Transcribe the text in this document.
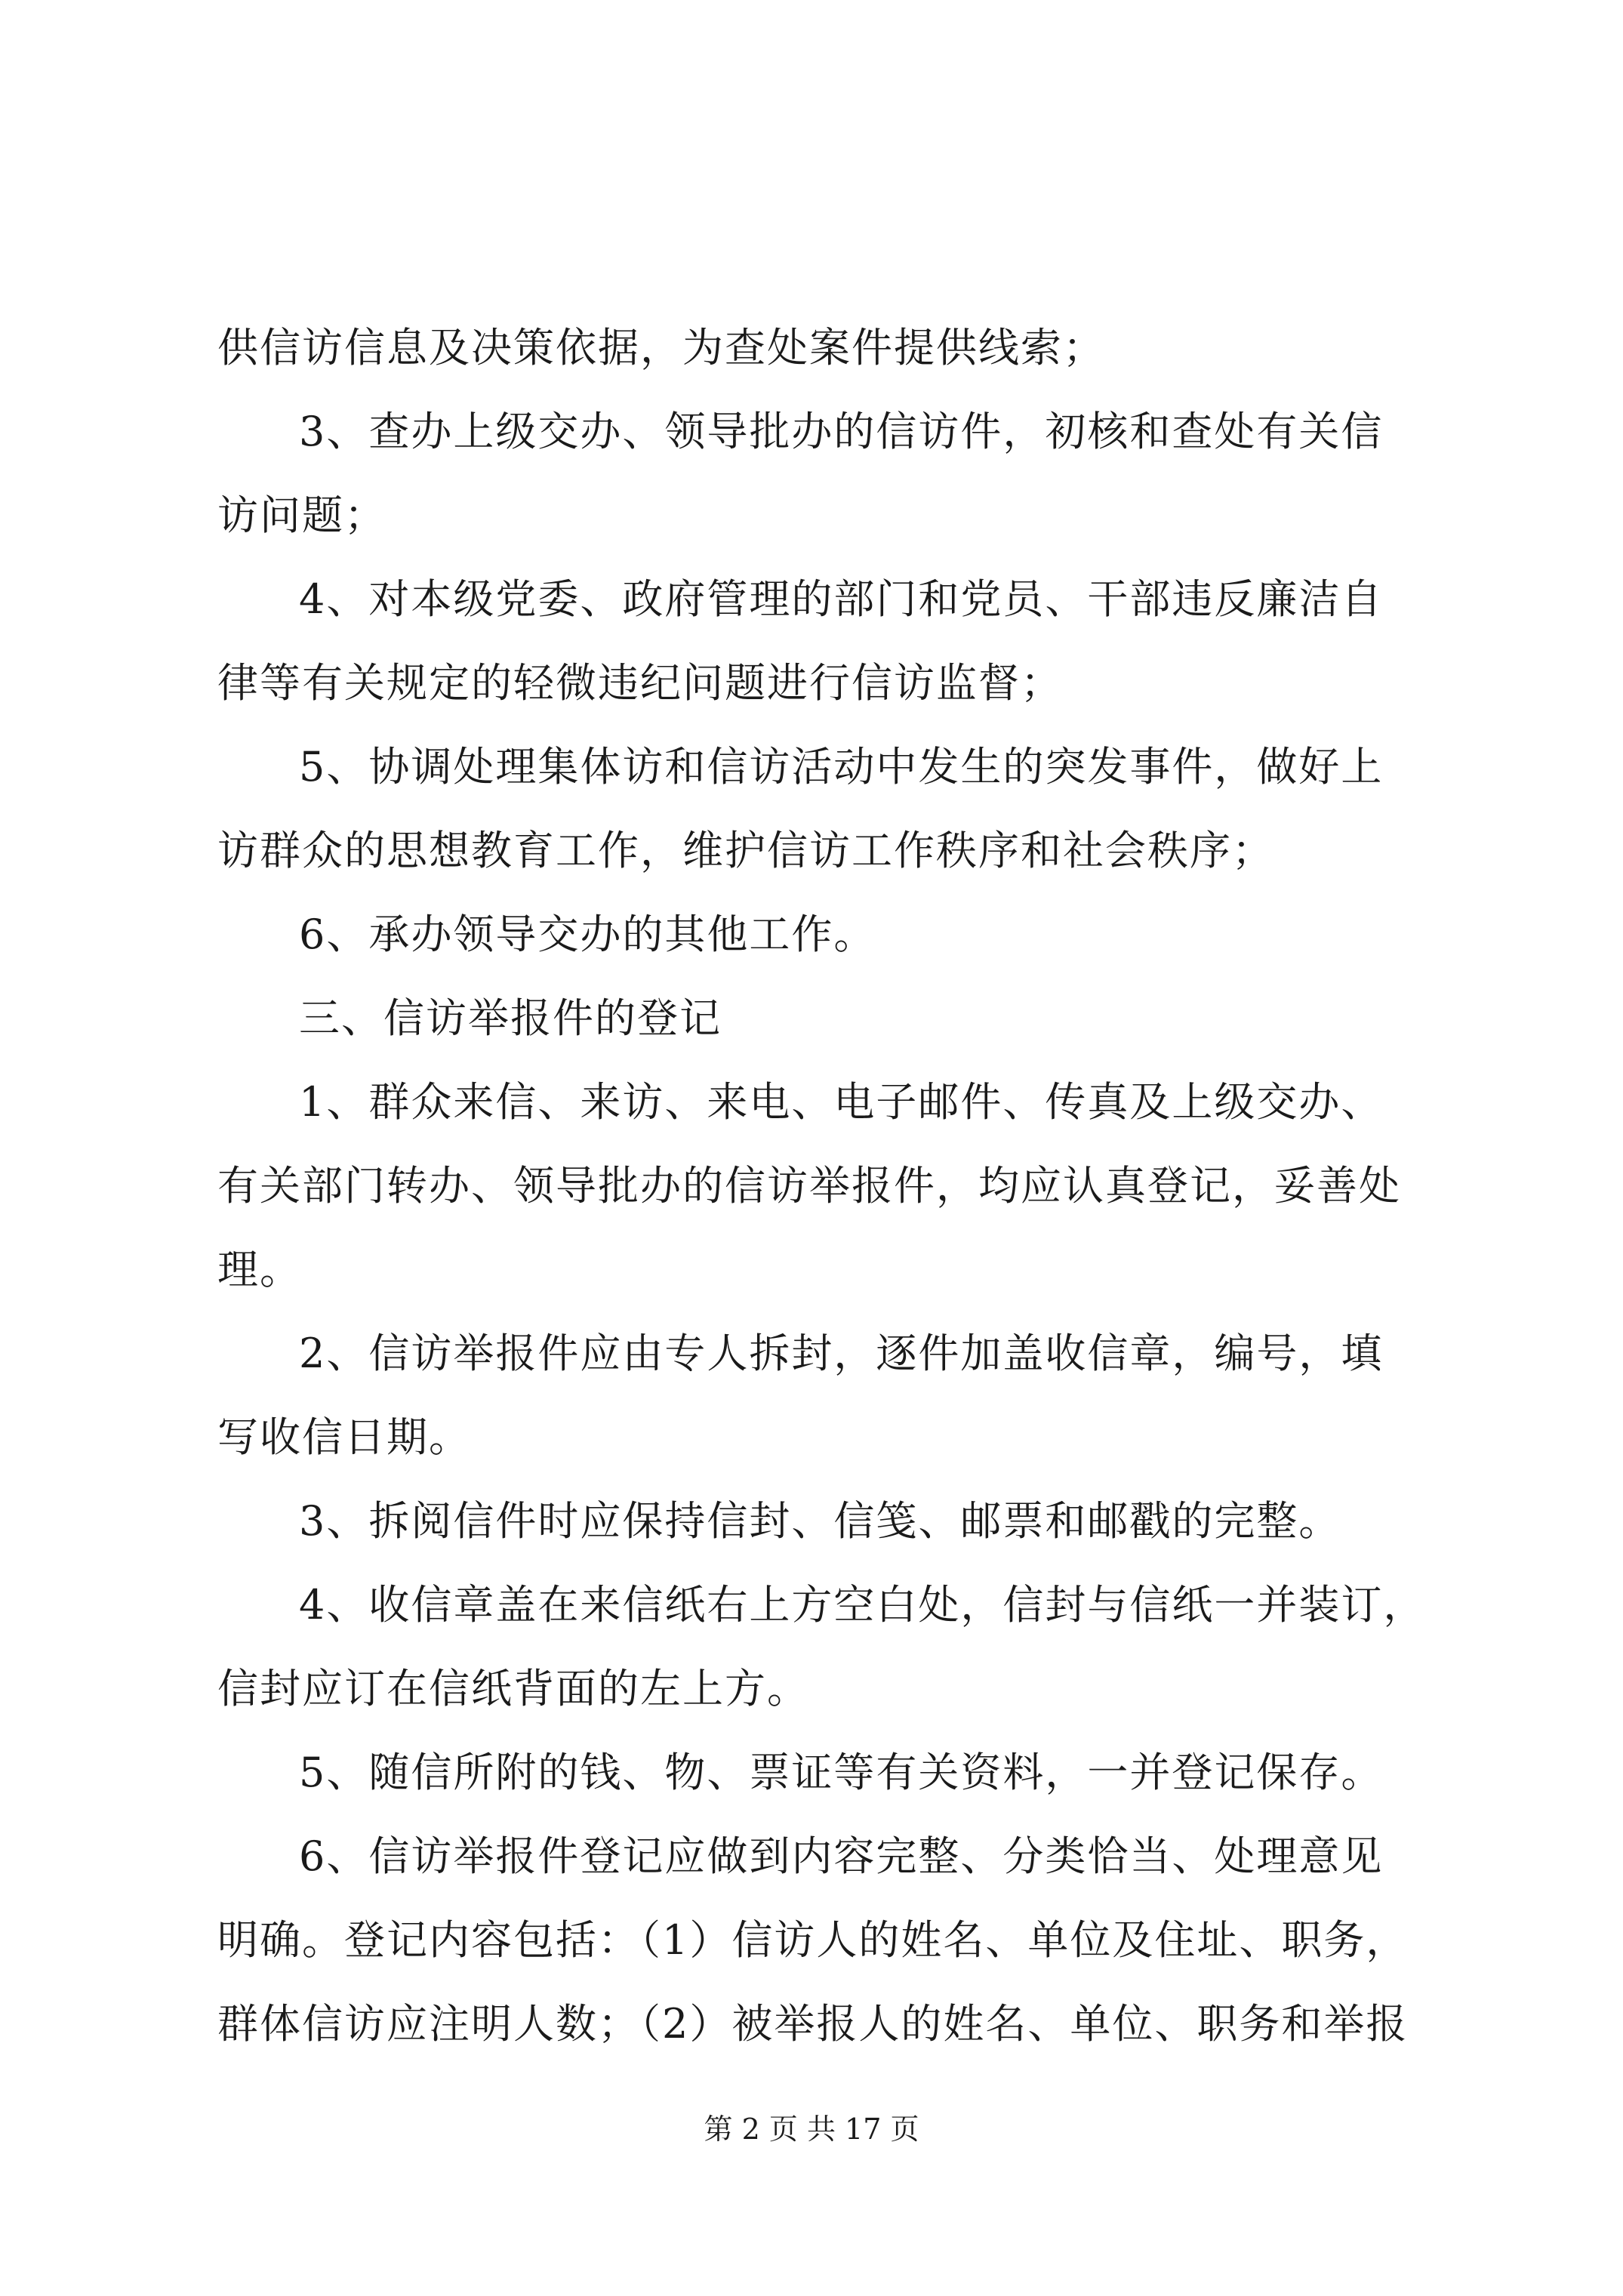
供信访信息及决策依据，为查处案件提供线索；
3、查办上级交办、领导批办的信访件，初核和查处有关信
访问题；
4、对本级党委、政府管理的部门和党员、干部违反廉洁自
律等有关规定的轻微违纪问题进行信访监督；
5、协调处理集体访和信访活动中发生的突发事件，做好上
访群众的思想教育工作，维护信访工作秩序和社会秩序；
6、承办领导交办的其他工作。
三、信访举报件的登记
1、群众来信、来访、来电、电子邮件、传真及上级交办、
有关部门转办、领导批办的信访举报件，均应认真登记，妥善处
理。
2、信访举报件应由专人拆封，逐件加盖收信章，编号，填
写收信日期。
3、拆阅信件时应保持信封、信笺、邮票和邮戳的完整。
4、收信章盖在来信纸右上方空白处，信封与信纸一并装订，
信封应订在信纸背面的左上方。
5、随信所附的钱、物、票证等有关资料，一并登记保存。
6、信访举报件登记应做到内容完整、分类恰当、处理意见
明确。登记内容包括：（1）信访人的姓名、单位及住址、职务，
群体信访应注明人数；（2）被举报人的姓名、单位、职务和举报
第 2 页 共 17 页
